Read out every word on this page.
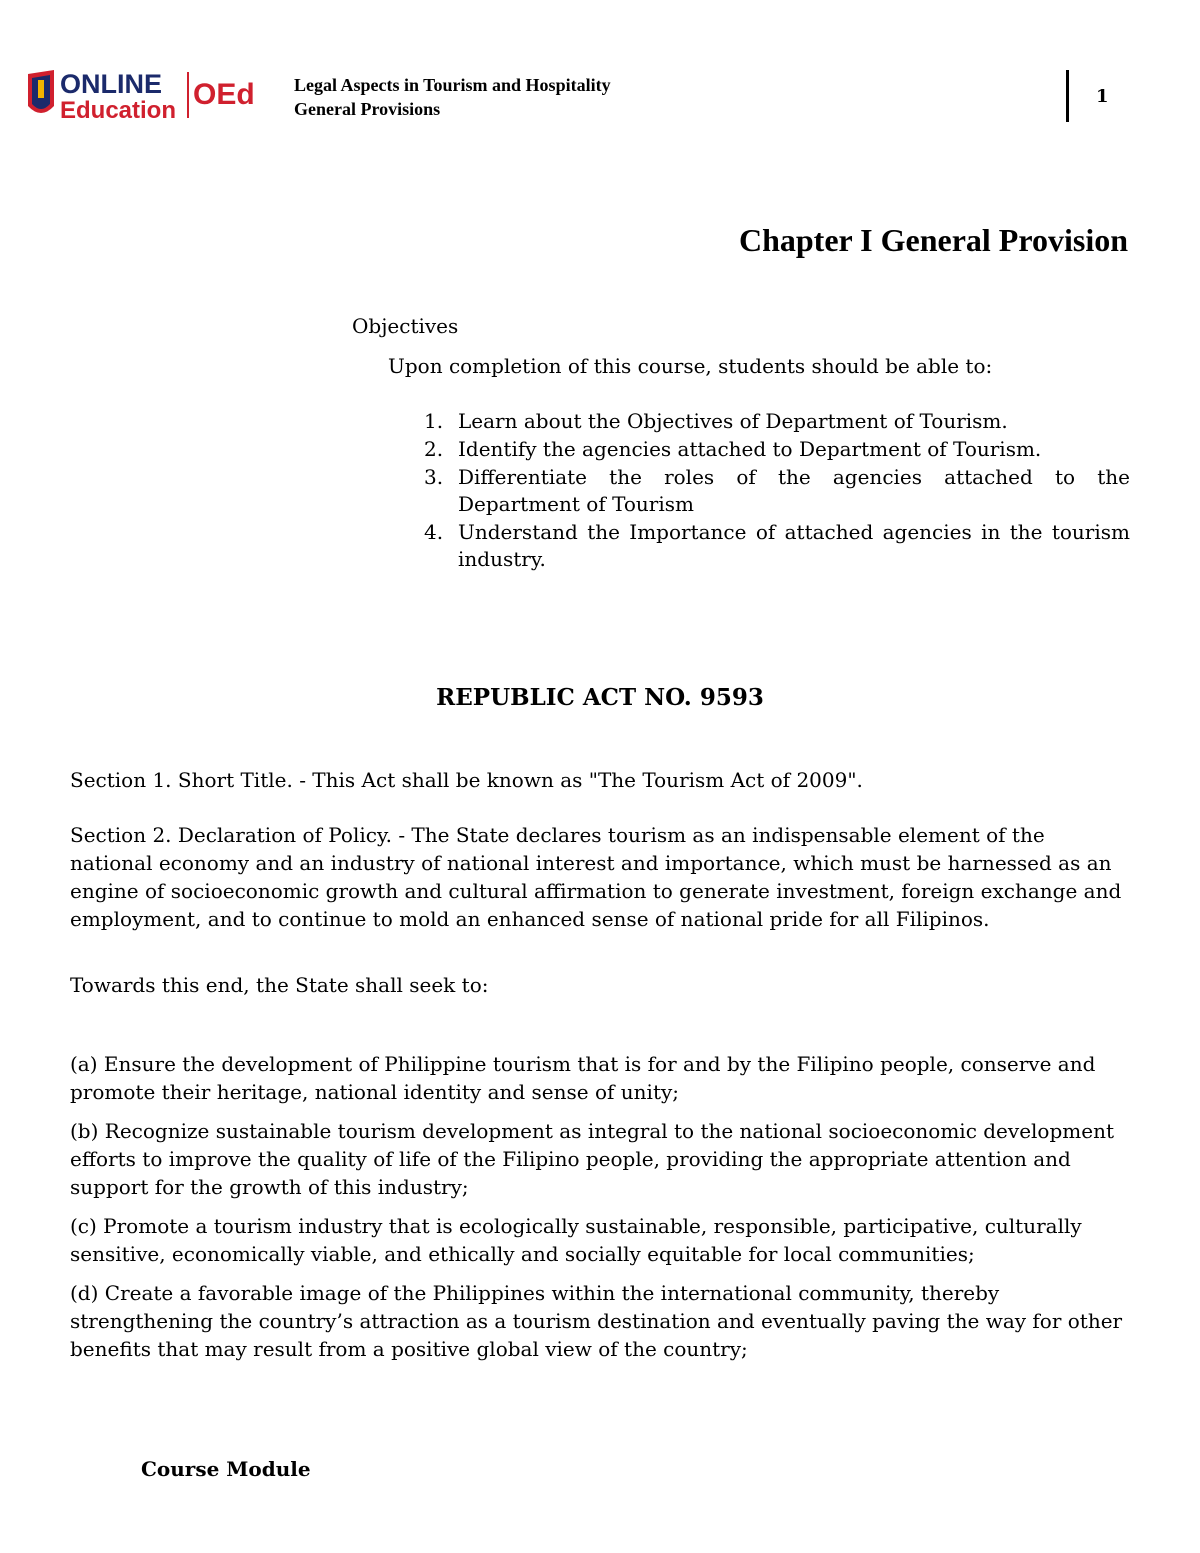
ONLINE
Education OEd Legal Aspects in Tourism and Hospitality
General Provisions
1
Chapter I General Provision
Objectives
Upon completion of this course, students should be able to:
1. Learn about the Objectives of Department of Tourism.
2. Identify the agencies attached to Department of Tourism.
3. Differentiate the roles of the agencies attached to the Department of Tourism
4. Understand the Importance of attached agencies in the tourism industry.
REPUBLIC ACT NO. 9593
Section 1. Short Title. - This Act shall be known as "The Tourism Act of 2009".
Section 2. Declaration of Policy. - The State declares tourism as an indispensable element of the national economy and an industry of national interest and importance, which must be harnessed as an engine of socioeconomic growth and cultural affirmation to generate investment, foreign exchange and employment, and to continue to mold an enhanced sense of national pride for all Filipinos.
Towards this end, the State shall seek to:
(a) Ensure the development of Philippine tourism that is for and by the Filipino people, conserve and promote their heritage, national identity and sense of unity;
(b) Recognize sustainable tourism development as integral to the national socioeconomic development efforts to improve the quality of life of the Filipino people, providing the appropriate attention and support for the growth of this industry;
(c) Promote a tourism industry that is ecologically sustainable, responsible, participative, culturally sensitive, economically viable, and ethically and socially equitable for local communities;
(d) Create a favorable image of the Philippines within the international community, thereby strengthening the country’s attraction as a tourism destination and eventually paving the way for other benefits that may result from a positive global view of the country;
Course Module
